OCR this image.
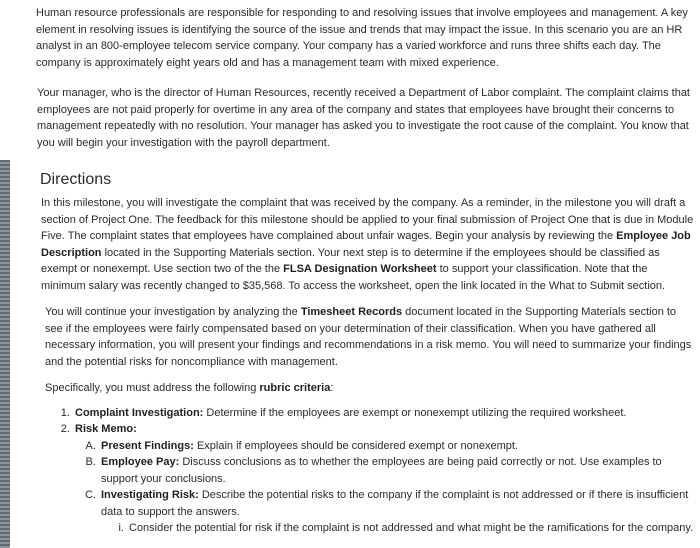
Human resource professionals are responsible for responding to and resolving issues that involve employees and management. A key element in resolving issues is identifying the source of the issue and trends that may impact the issue. In this scenario you are an HR analyst in an 800-employee telecom service company. Your company has a varied workforce and runs three shifts each day. The company is approximately eight years old and has a management team with mixed experience.

Your manager, who is the director of Human Resources, recently received a Department of Labor complaint. The complaint claims that employees are not paid properly for overtime in any area of the company and states that employees have brought their concerns to management repeatedly with no resolution. Your manager has asked you to investigate the root cause of the complaint. You know that you will begin your investigation with the payroll department.

Directions

In this milestone, you will investigate the complaint that was received by the company. As a reminder, in the milestone you will draft a section of Project One. The feedback for this milestone should be applied to your final submission of Project One that is due in Module Five. The complaint states that employees have complained about unfair wages. Begin your analysis by reviewing the Employee Job Description located in the Supporting Materials section. Your next step is to determine if the employees should be classified as exempt or nonexempt. Use section two of the the FLSA Designation Worksheet to support your classification. Note that the minimum salary was recently changed to $35,568. To access the worksheet, open the link located in the What to Submit section.

You will continue your investigation by analyzing the Timesheet Records document located in the Supporting Materials section to see if the employees were fairly compensated based on your determination of their classification. When you have gathered all necessary information, you will present your findings and recommendations in a risk memo. You will need to summarize your findings and the potential risks for noncompliance with management.

Specifically, you must address the following rubric criteria:

1. Complaint Investigation: Determine if the employees are exempt or nonexempt utilizing the required worksheet.
2. Risk Memo:
A. Present Findings: Explain if employees should be considered exempt or nonexempt.
B. Employee Pay: Discuss conclusions as to whether the employees are being paid correctly or not. Use examples to support your conclusions.
C. Investigating Risk: Describe the potential risks to the company if the complaint is not addressed or if there is insufficient data to support the answers.
i. Consider the potential for risk if the complaint is not addressed and what might be the ramifications for the company.
